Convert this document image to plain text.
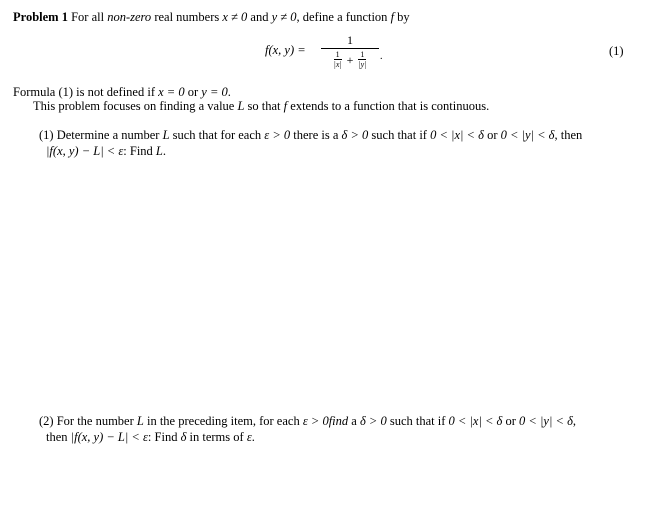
Problem 1 For all non-zero real numbers x ≠ 0 and y ≠ 0, define a function f by
f(x, y) =
1
$\frac{1}{|x|} + \frac{1}{|y|}$ .	(1)
Formula (1) is not defined if x = 0 or y = 0.
This problem focuses on finding a value L so that f extends to a function that is continuous.
(1) Determine a number L such that for each ε > 0 there is a δ > 0 such that if 0 < |x| < δ or 0 < |y| < δ, then
|f(x, y) − L| < ε: Find L.
(2) For the number L in the preceding item, for each ε > 0find a δ > 0 such that if 0 < |x| < δ or 0 < |y| < δ,
then |f(x, y) − L| < ε: Find δ in terms of ε.
